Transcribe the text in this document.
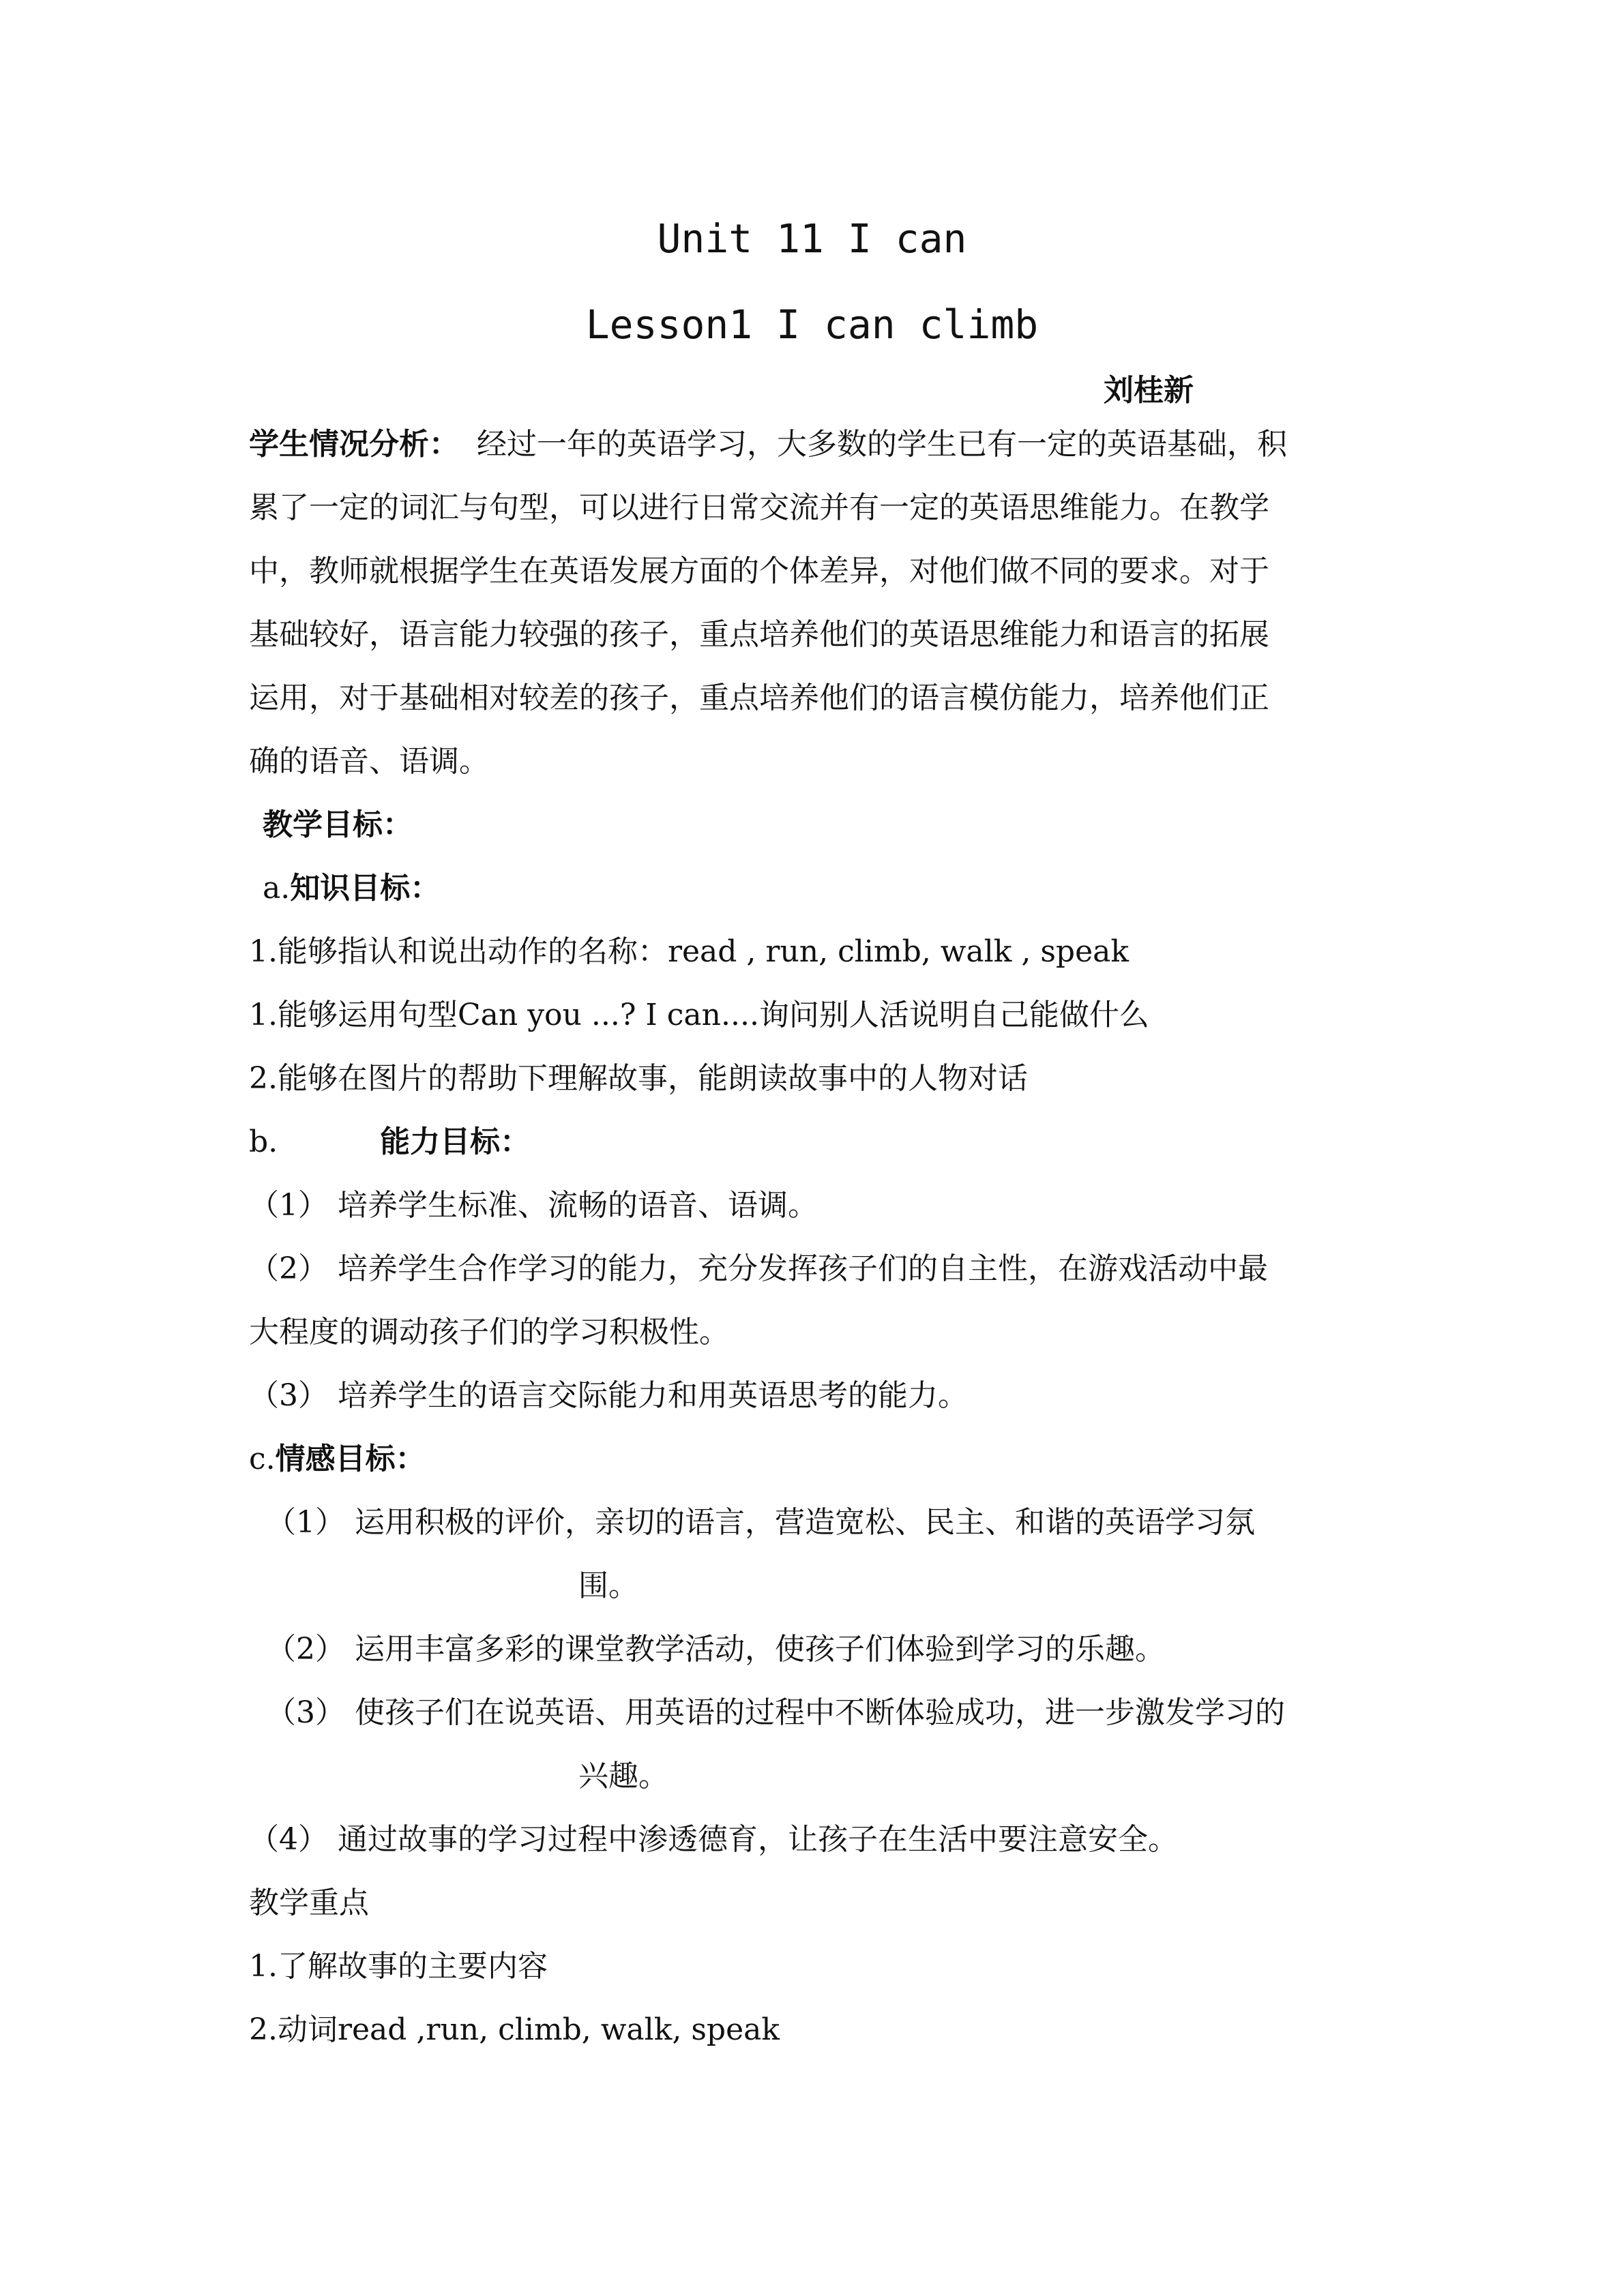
Unit 11 I can
Lesson1 I can climb
刘桂新
学生情况分析： 经过一年的英语学习，大多数的学生已有一定的英语基础，积
累了一定的词汇与句型，可以进行日常交流并有一定的英语思维能力。在教学
中，教师就根据学生在英语发展方面的个体差异，对他们做不同的要求。对于
基础较好，语言能力较强的孩子，重点培养他们的英语思维能力和语言的拓展
运用，对于基础相对较差的孩子，重点培养他们的语言模仿能力，培养他们正
确的语音、语调。
教学目标：
a.知识目标：
1.能够指认和说出动作的名称：read , run, climb, walk , speak
1.能够运用句型Can you ...? I can....询问别人活说明自己能做什么
2.能够在图片的帮助下理解故事，能朗读故事中的人物对话
b.	能力目标：
（1） 培养学生标准、流畅的语音、语调。
（2） 培养学生合作学习的能力，充分发挥孩子们的自主性，在游戏活动中最
大程度的调动孩子们的学习积极性。
（3） 培养学生的语言交际能力和用英语思考的能力。
c.情感目标：
（1） 运用积极的评价，亲切的语言，营造宽松、民主、和谐的英语学习氛
围。
（2） 运用丰富多彩的课堂教学活动，使孩子们体验到学习的乐趣。
（3） 使孩子们在说英语、用英语的过程中不断体验成功，进一步激发学习的
兴趣。
（4） 通过故事的学习过程中渗透德育，让孩子在生活中要注意安全。
教学重点
1.了解故事的主要内容
2.动词read ,run, climb, walk, speak
